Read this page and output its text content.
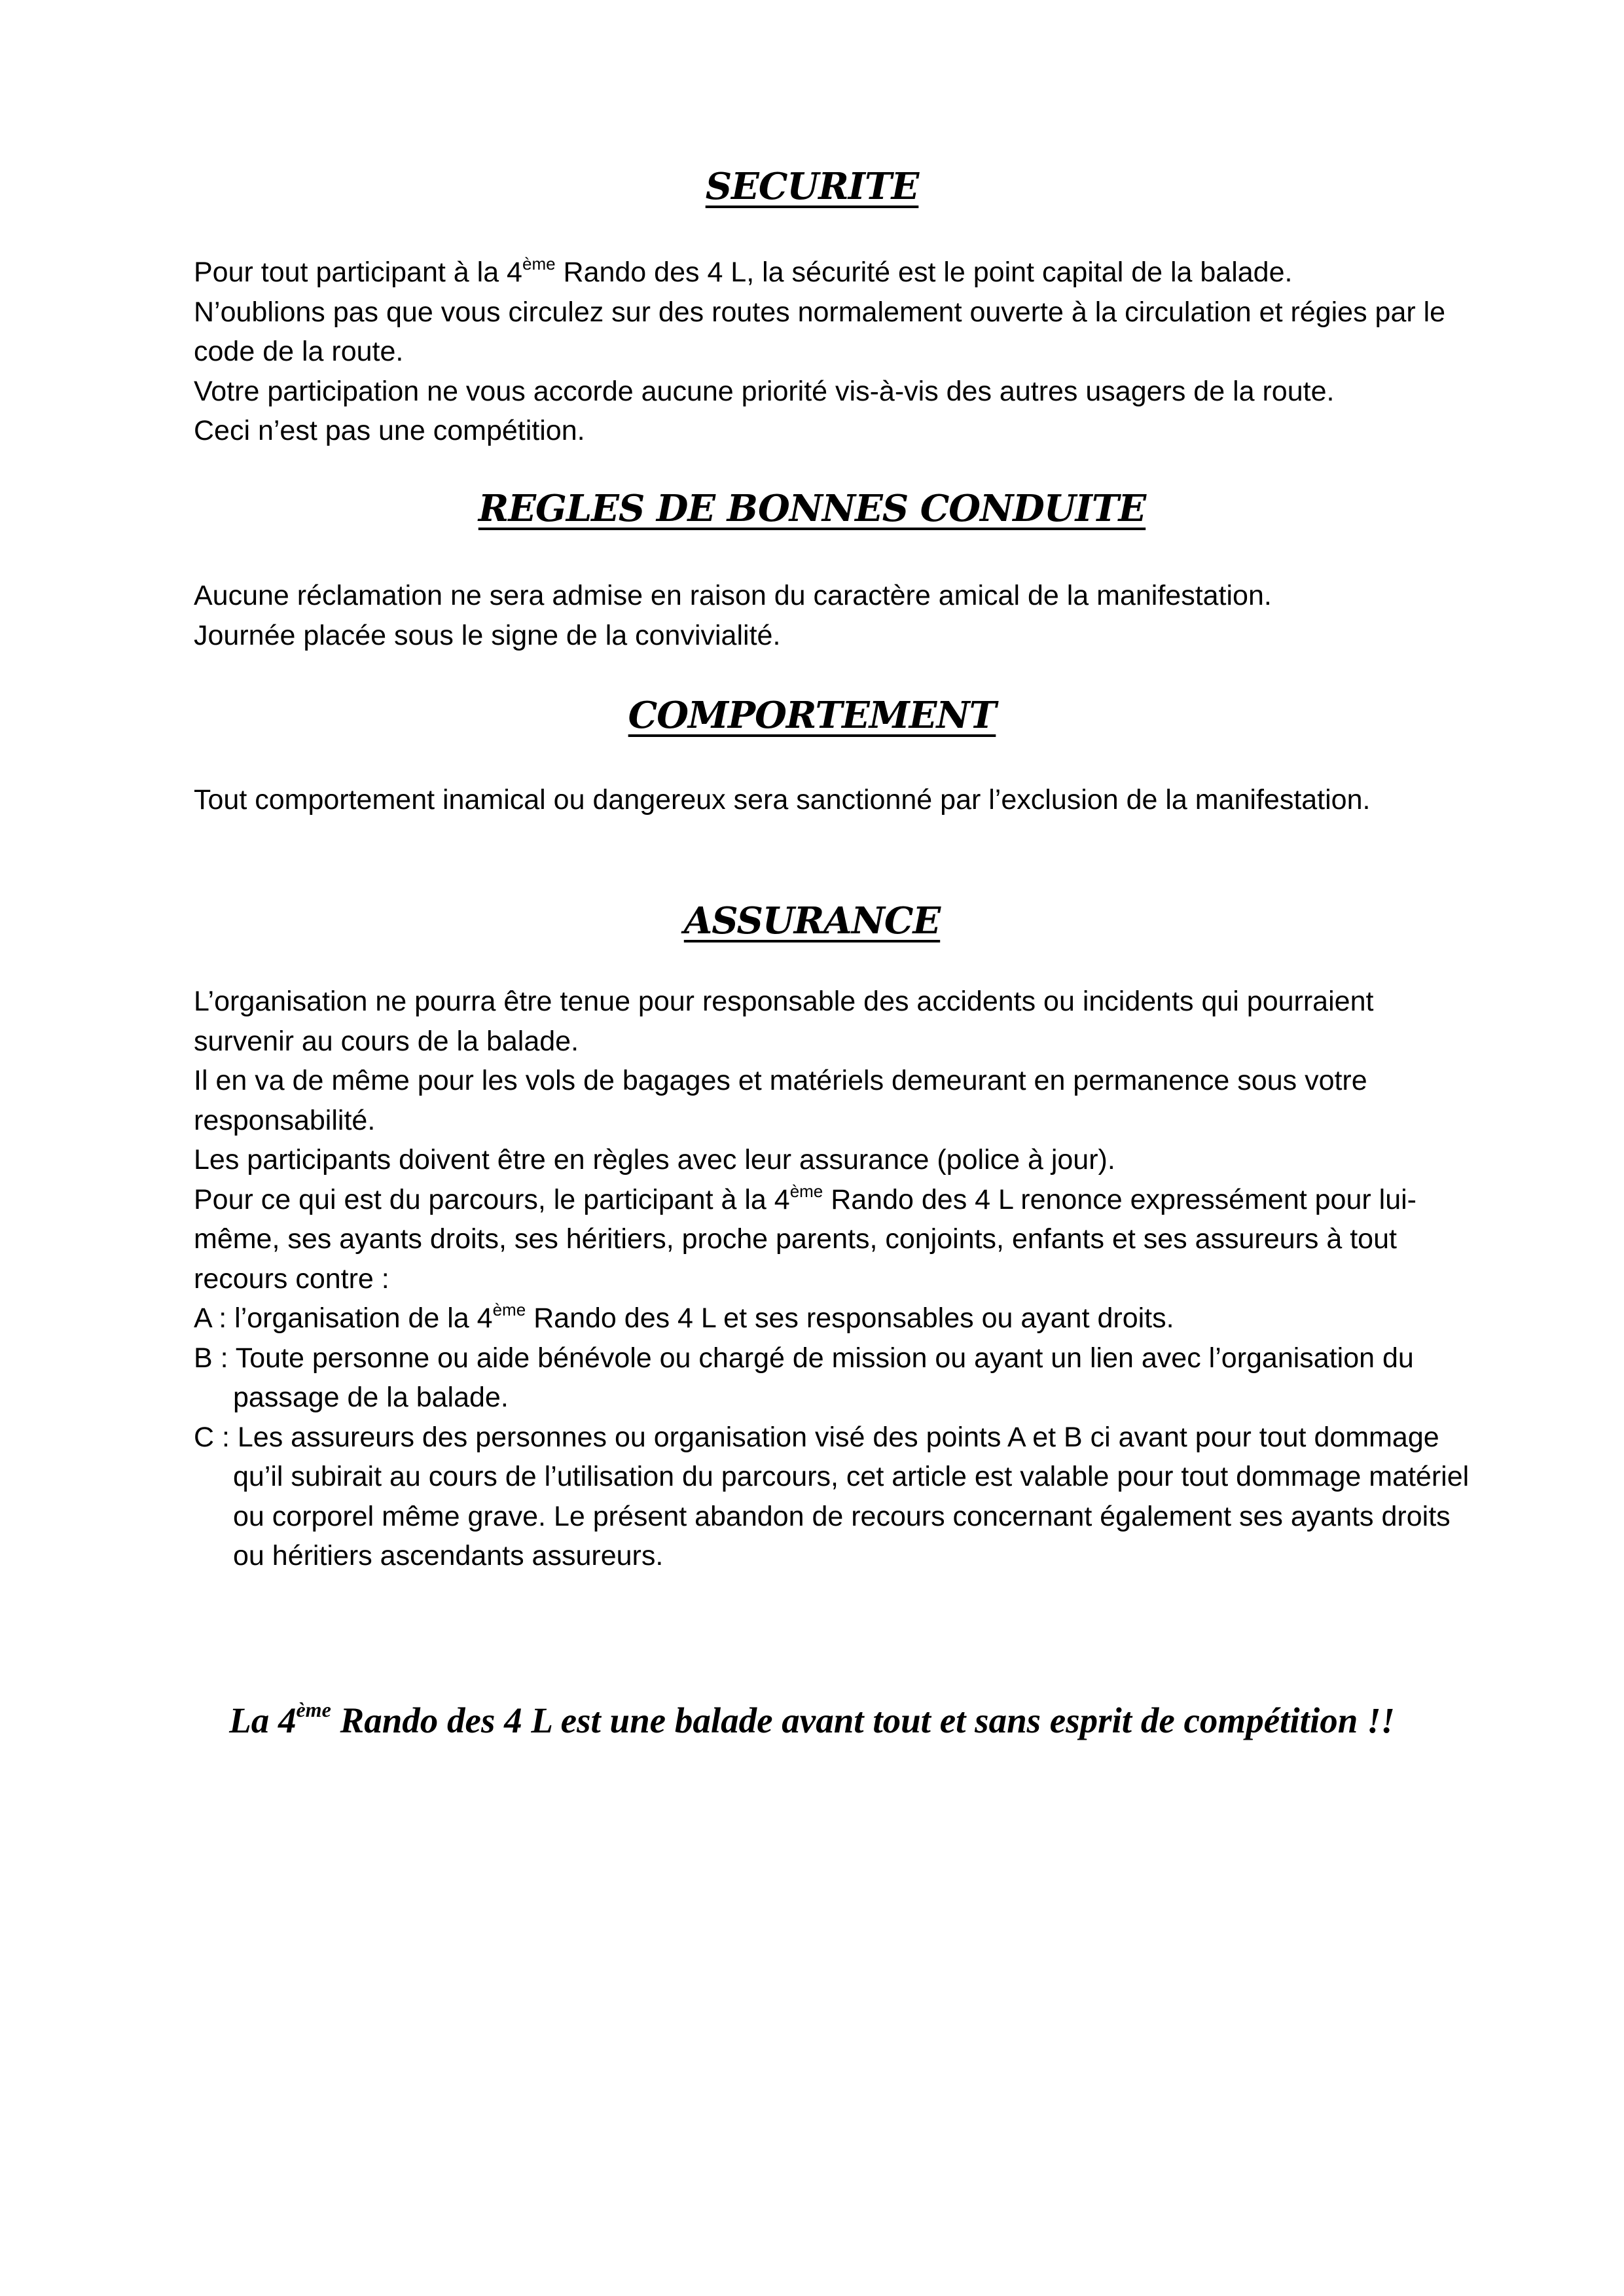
SECURITE

Pour tout participant à la 4ème Rando des 4 L, la sécurité est le point capital de la balade.

N’oublions pas que vous circulez sur des routes normalement ouverte à la circulation et régies par le code de la route.

Votre participation ne vous accorde aucune priorité vis-à-vis des autres usagers de la route.

Ceci n’est pas une compétition.

REGLES DE BONNES CONDUITE

Aucune réclamation ne sera admise en raison du caractère amical de la manifestation.

Journée placée sous le signe de la convivialité.

COMPORTEMENT

Tout comportement inamical ou dangereux sera sanctionné par l’exclusion de la manifestation.

ASSURANCE

L’organisation ne pourra être tenue pour responsable des accidents ou incidents qui pourraient survenir au cours de la balade.

Il en va de même pour les vols de bagages et matériels demeurant en permanence sous votre responsabilité.

Les participants doivent être en règles avec leur assurance (police à jour).

Pour ce qui est du parcours, le participant à la 4ème Rando des 4 L renonce expressément pour lui-même, ses ayants droits, ses héritiers, proche parents, conjoints, enfants et ses assureurs à tout recours contre :

A : l’organisation de la 4ème Rando des 4 L et ses responsables ou ayant droits.

B : Toute personne ou aide bénévole ou chargé de mission ou ayant un lien avec l’organisation du passage de la balade.

C : Les assureurs des personnes ou organisation visé des points A et B ci avant pour tout dommage qu’il subirait au cours de l’utilisation du parcours, cet article est valable pour tout dommage matériel ou corporel même grave. Le présent abandon de recours concernant également ses ayants droits ou héritiers ascendants assureurs.

La 4ème Rando des 4 L est une balade avant tout et sans esprit de compétition !!
